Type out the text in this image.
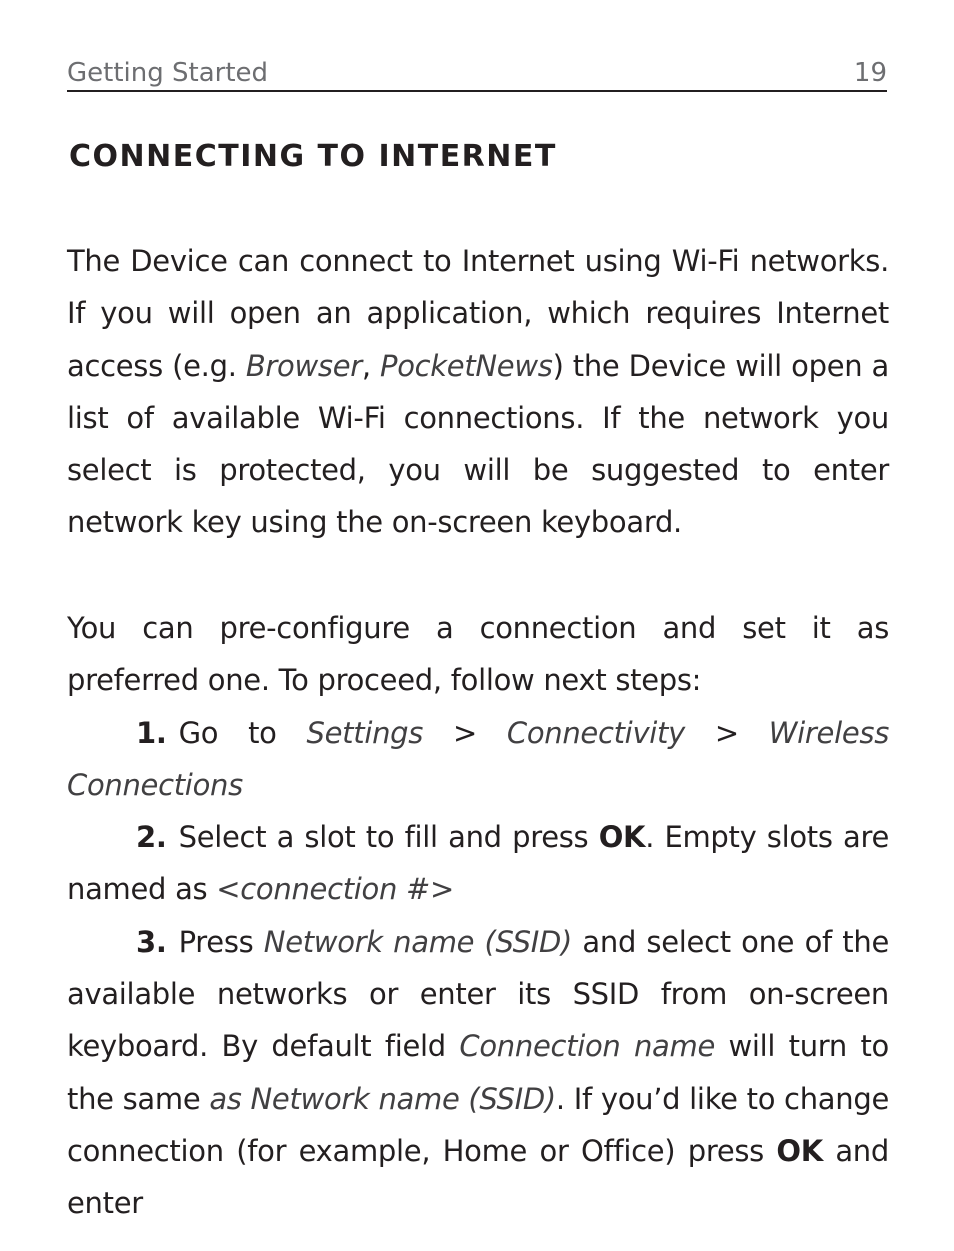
Getting Started	19
CONNECTING TO INTERNET

The Device can connect to Internet using Wi-Fi networks. If you will open an application, which requires Internet access (e.g. Browser, PocketNews) the Device will open a list of available Wi-Fi connections. If the network you select is protected, you will be suggested to enter network key using the on-screen keyboard.

You can pre-configure a connection and set it as preferred one. To proceed, follow next steps:

1. Go to Settings > Connectivity > Wireless Connections

2. Select a slot to fill and press OK. Empty slots are named as <connection #>

3. Press Network name (SSID) and select one of the available networks or enter its SSID from on-screen keyboard. By default field Connection name will turn to the same as Network name (SSID). If you’d like to change connection (for example, Home or Office) press OK and enter
